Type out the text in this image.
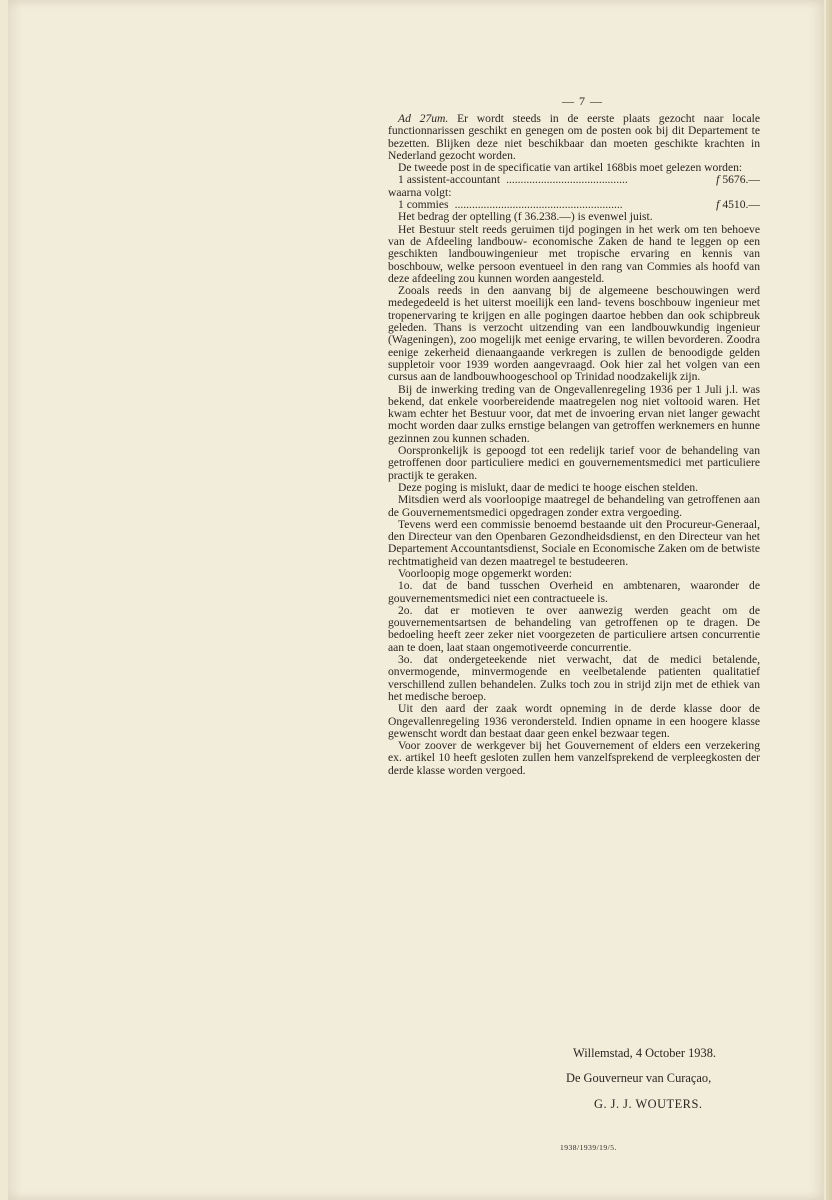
— 7 —

Ad 27um. Er wordt steeds in de eerste plaats gezocht naar locale functionnarissen geschikt en genegen om de posten ook bij dit Departement te bezetten. Blijken deze niet beschikbaar dan moeten geschikte krachten in Nederland gezocht worden.

De tweede post in de specificatie van artikel 168bis moet gelezen worden:

1 assistent-accountant ..........................................	f 5676.—

waarna volgt:

1 commies ..........................................................	f 4510.—

Het bedrag der optelling (f 36.238.—) is evenwel juist.

Het Bestuur stelt reeds geruimen tijd pogingen in het werk om ten behoeve van de Afdeeling landbouw- economische Zaken de hand te leggen op een geschikten landbouwingenieur met tropische ervaring en kennis van boschbouw, welke persoon eventueel in den rang van Commies als hoofd van deze afdeeling zou kunnen worden aangesteld.

Zooals reeds in den aanvang bij de algemeene beschouwingen werd medegedeeld is het uiterst moeilijk een land- tevens boschbouw ingenieur met tropenervaring te krijgen en alle pogingen daartoe hebben dan ook schipbreuk geleden. Thans is verzocht uitzending van een landbouwkundig ingenieur (Wageningen), zoo mogelijk met eenige ervaring, te willen bevorderen. Zoodra eenige zekerheid dienaangaande verkregen is zullen de benoodigde gelden suppletoir voor 1939 worden aangevraagd. Ook hier zal het volgen van een cursus aan de landbouwhoogeschool op Trinidad noodzakelijk zijn.

Bij de inwerking treding van de Ongevallenregeling 1936 per 1 Juli j.l. was bekend, dat enkele voorbereidende maatregelen nog niet voltooid waren. Het kwam echter het Bestuur voor, dat met de invoering ervan niet langer gewacht mocht worden daar zulks ernstige belangen van getroffen werknemers en hunne gezinnen zou kunnen schaden.

Oorspronkelijk is gepoogd tot een redelijk tarief voor de behandeling van getroffenen door particuliere medici en gouvernementsmedici met particuliere practijk te geraken.

Deze poging is mislukt, daar de medici te hooge eischen stelden.

Mitsdien werd als voorloopige maatregel de behandeling van getroffenen aan de Gouvernementsmedici opgedragen zonder extra vergoeding.

Tevens werd een commissie benoemd bestaande uit den Procureur-Generaal, den Directeur van den Openbaren Gezondheidsdienst, en den Directeur van het Departement Accountantsdienst, Sociale en Economische Zaken om de betwiste rechtmatigheid van dezen maatregel te bestudeeren.

Voorloopig moge opgemerkt worden:

1o. dat de band tusschen Overheid en ambtenaren, waaronder de gouvernementsmedici niet een contractueele is.

2o. dat er motieven te over aanwezig werden geacht om de gouvernementsartsen de behandeling van getroffenen op te dragen. De bedoeling heeft zeer zeker niet voorgezeten de particuliere artsen concurrentie aan te doen, laat staan ongemotiveerde concurrentie.

3o. dat ondergeteekende niet verwacht, dat de medici betalende, onvermogende, minvermogende en veelbetalende patienten qualitatief verschillend zullen behandelen. Zulks toch zou in strijd zijn met de ethiek van het medische beroep.

Uit den aard der zaak wordt opneming in de derde klasse door de Ongevallenregeling 1936 verondersteld. Indien opname in een hoogere klasse gewenscht wordt dan bestaat daar geen enkel bezwaar tegen.

Voor zoover de werkgever bij het Gouvernement of elders een verzekering ex. artikel 10 heeft gesloten zullen hem vanzelfsprekend de verpleegkosten der derde klasse worden vergoed.

Willemstad, 4 October 1938.
De Gouverneur van Curaçao,
G. J. J. WOUTERS.
1938/1939/19/5.
